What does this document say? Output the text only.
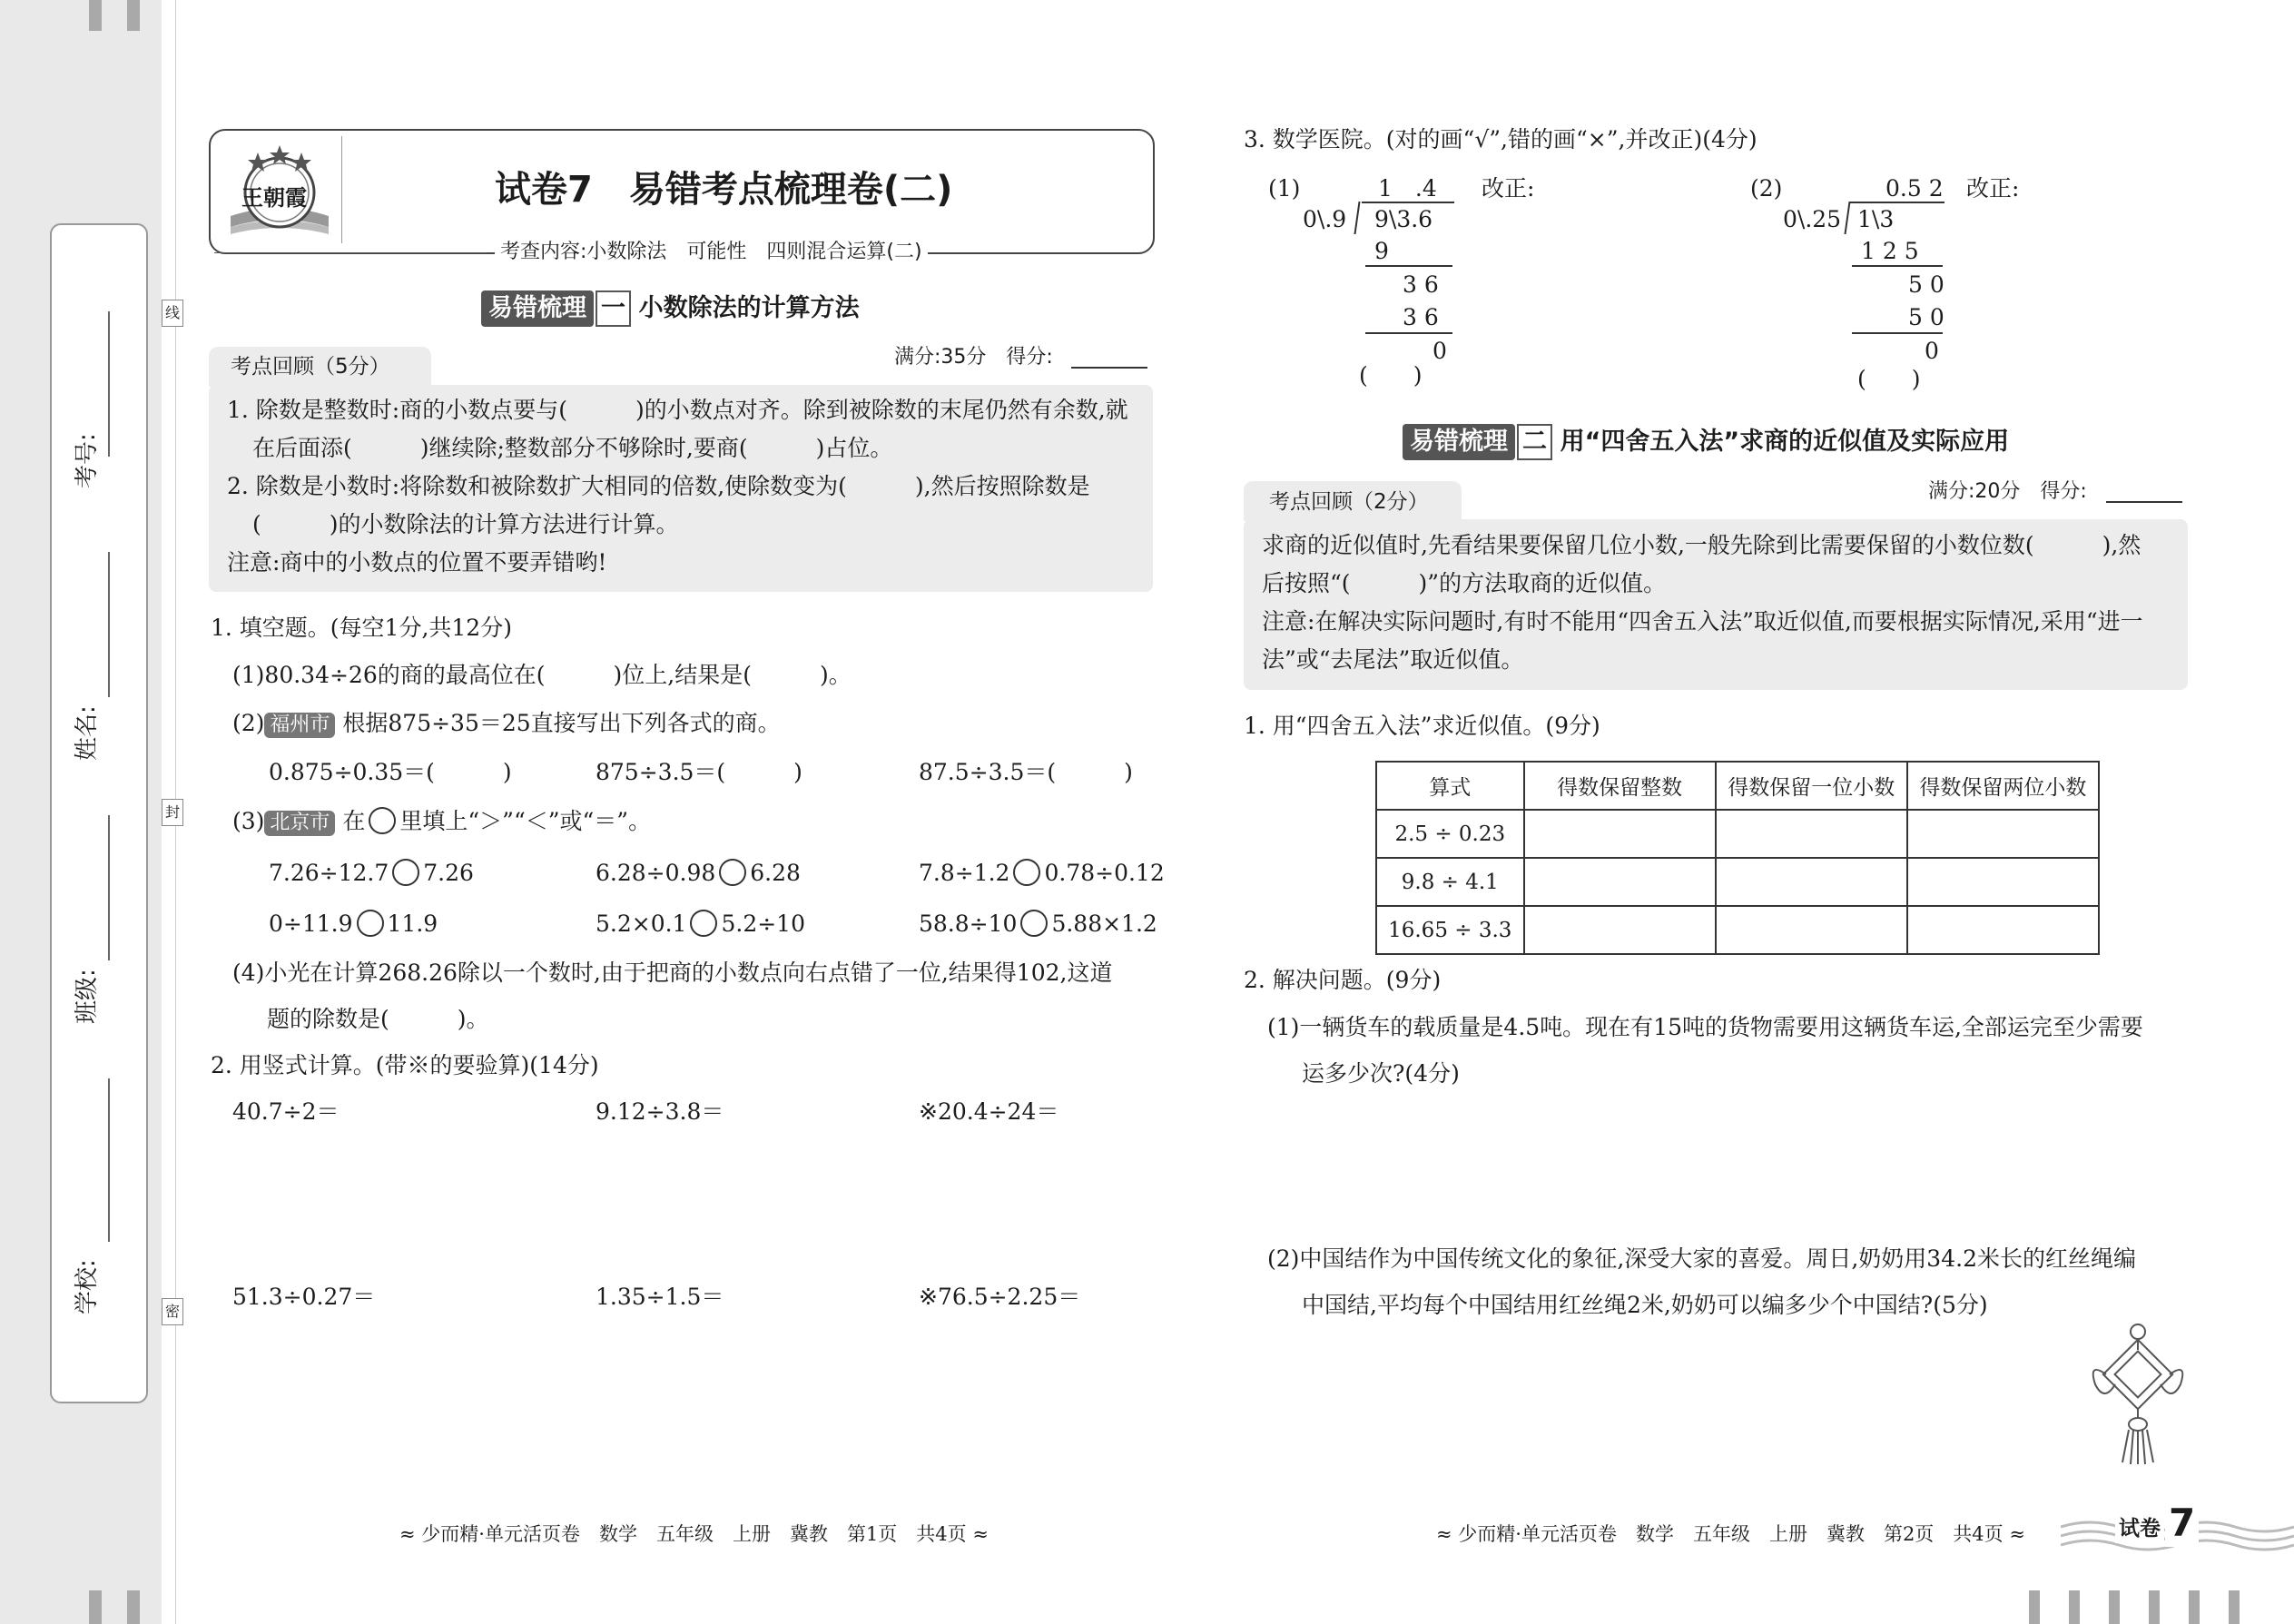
考号:
姓名:
班级:
学校:
线
封
密
王朝霞	试卷7　易错考点梳理卷(二)
考查内容:小数除法　可能性　四则混合运算(二)
易错梳理 一 小数除法的计算方法
考点回顾（5分）	满分:35分　得分:
1. 除数是整数时:商的小数点要与(　　　)的小数点对齐。除到被除数的末尾仍然有余数,就
在后面添(　　　)继续除;整数部分不够除时,要商(　　　)占位。
2. 除数是小数时:将除数和被除数扩大相同的倍数,使除数变为(　　　),然后按照除数是
(　　　)的小数除法的计算方法进行计算。
注意:商中的小数点的位置不要弄错哟!
1. 填空题。(每空1分,共12分)
(1)80.34÷26的商的最高位在(　　　)位上,结果是(　　　)。
(2) 福州市 根据875÷35＝25直接写出下列各式的商。
0.875÷0.35＝(　　　)	875÷3.5＝(　　　)	87.5÷3.5＝(　　　)
(3) 北京市 在 里填上“＞”“＜”或“＝”。
7.26÷12.7 7.26	6.28÷0.98 6.28	7.8÷1.2 0.78÷0.12
0÷11.9 11.9	5.2×0.1 5.2÷10	58.8÷10 5.88×1.2
(4)小光在计算268.26除以一个数时,由于把商的小数点向右点错了一位,结果得102,这道
题的除数是(　　　)。
2. 用竖式计算。(带※的要验算)(14分)
40.7÷2＝	9.12÷3.8＝	※20.4÷24＝
51.3÷0.27＝	1.35÷1.5＝	※76.5÷2.25＝
≈ 少而精·单元活页卷　数学　五年级　上册　冀教　第1页　共4页 ≈
3. 数学医院。(对的画“√”,错的画“×”,并改正)(4分)
(1)	1　.4
0\.9 9\3.6
9
3 6
3 6
0
(　　)
改正:	(2)	0.5 2
0\.25 1\3
1 2 5
5 0
5 0
0
(　　)
改正:
易错梳理 二 用“四舍五入法”求商的近似值及实际应用
考点回顾（2分）	满分:20分　得分:
求商的近似值时,先看结果要保留几位小数,一般先除到比需要保留的小数位数(　　　),然
后按照“(　　　)”的方法取商的近似值。
注意:在解决实际问题时,有时不能用“四舍五入法”取近似值,而要根据实际情况,采用“进一
法”或“去尾法”取近似值。
1. 用“四舍五入法”求近似值。(9分)
算式	得数保留整数	得数保留一位小数	得数保留两位小数
2.5 ÷ 0.23			
9.8 ÷ 4.1			
16.65 ÷ 3.3			
2. 解决问题。(9分)
(1)一辆货车的载质量是4.5吨。现在有15吨的货物需要用这辆货车运,全部运完至少需要
运多少次?(4分)
(2)中国结作为中国传统文化的象征,深受大家的喜爱。周日,奶奶用34.2米长的红丝绳编
中国结,平均每个中国结用红丝绳2米,奶奶可以编多少个中国结?(5分)
≈ 少而精·单元活页卷　数学　五年级　上册　冀教　第2页　共4页 ≈	试卷 7
